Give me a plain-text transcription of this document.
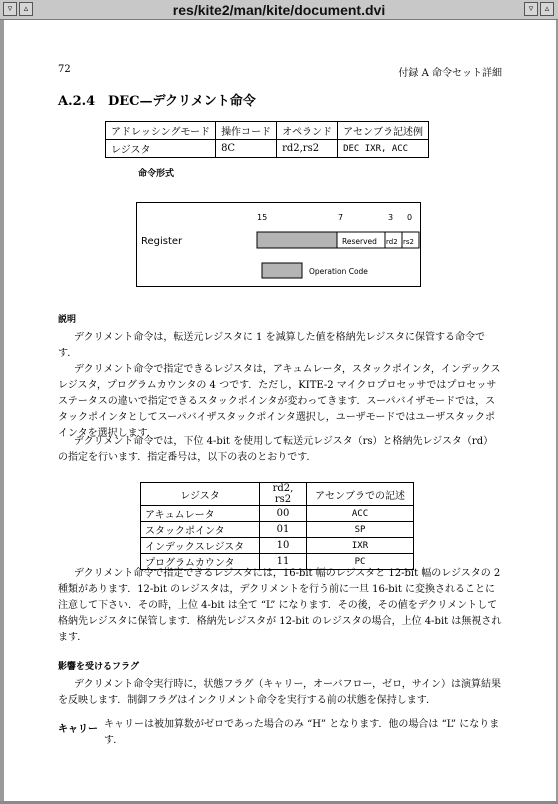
▿	▵	res/kite2/man/kite/document.dvi	▿	▵
72	付録 A 命令セット詳細
A.2.4 DEC—デクリメント命令
アドレッシングモード	操作コード	オペランド	アセンブラ記述例
レジスタ	8C	rd2,rs2	DEC IXR, ACC
命令形式
15	7	3 0
Register	Reserved rd2 rs2
Operation Code
説明
デクリメント命令は，転送元レジスタに 1 を減算した値を格納先レジスタに保管する命令です．
デクリメント命令で指定できるレジスタは，アキュムレータ，スタックポインタ，インデックスレジスタ，プログラムカウンタの 4 つです．ただし，KITE-2 マイクロプロセッサではプロセッサステータスの違いで指定できるスタックポインタが変わってきます．スーパバイザモードでは，スタックポインタとしてスーパバイザスタックポインタ選択し，ユーザモードではユーザスタックポインタを選択します．
デクリメント命令では，下位 4-bit を使用して転送元レジスタ（rs）と格納先レジスタ（rd）の指定を行います．指定番号は，以下の表のとおりです．
レジスタ	rd2, rs2	アセンブラでの記述
アキュムレータ	00	ACC
スタックポインタ	01	SP
インデックスレジスタ	10	IXR
プログラムカウンタ	11	PC
デクリメント命令で指定できるレジスタには，16-bit 幅のレジスタと 12-bit 幅のレジスタの 2 種類があります．12-bit のレジスタは，デクリメントを行う前に一旦 16-bit に変換されることに注意して下さい．その時，上位 4-bit は全て “L” になります．その後，その値をデクリメントして格納先レジスタに保管します．格納先レジスタが 12-bit のレジスタの場合，上位 4-bit は無視されます．
影響を受けるフラグ
デクリメント命令実行時に，状態フラグ（キャリー，オーバフロー，ゼロ，サイン）は演算結果を反映します．制御フラグはインクリメント命令を実行する前の状態を保持します．
キャリー キャリーは被加算数がゼロであった場合のみ “H” となります．他の場合は “L” になります．
